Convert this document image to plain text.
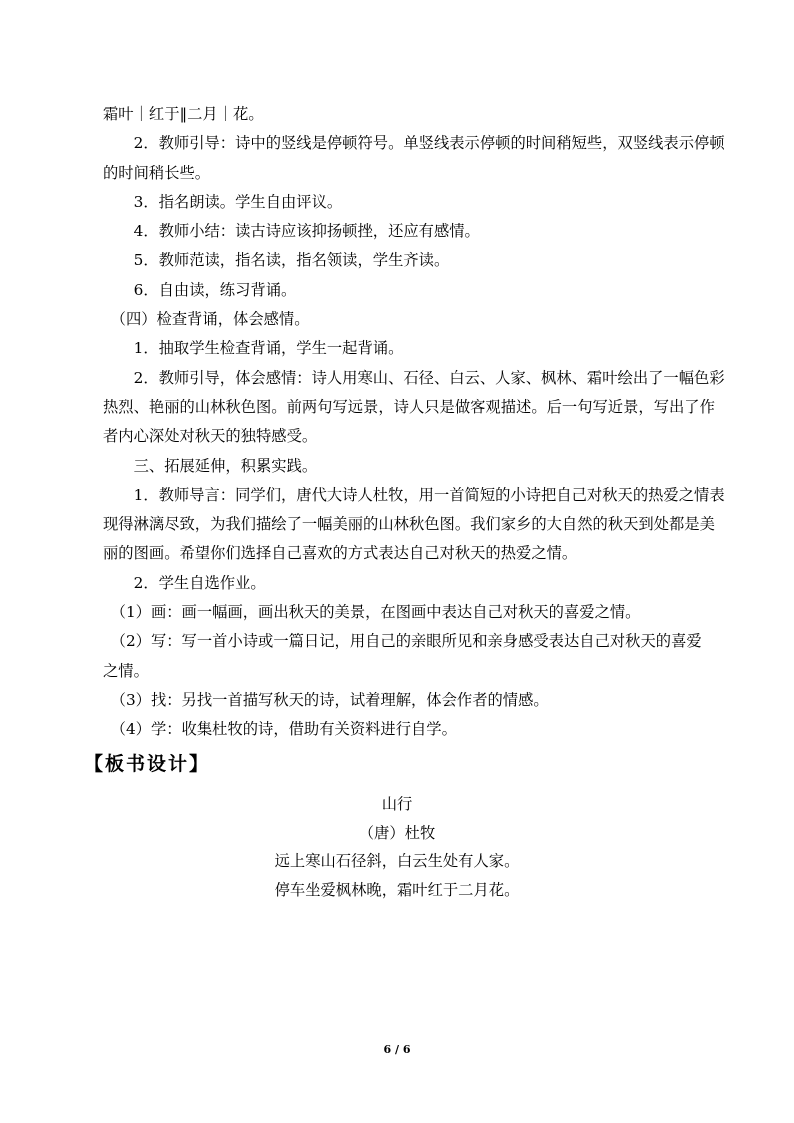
霜叶｜红于‖二月｜花。
2．教师引导：诗中的竖线是停顿符号。单竖线表示停顿的时间稍短些，双竖线表示停顿
的时间稍长些。
3．指名朗读。学生自由评议。
4．教师小结：读古诗应该抑扬顿挫，还应有感情。
5．教师范读，指名读，指名领读，学生齐读。
6．自由读，练习背诵。
（四）检查背诵，体会感情。
1．抽取学生检查背诵，学生一起背诵。
2．教师引导，体会感情：诗人用寒山、石径、白云、人家、枫林、霜叶绘出了一幅色彩
热烈、艳丽的山林秋色图。前两句写远景，诗人只是做客观描述。后一句写近景，写出了作
者内心深处对秋天的独特感受。
三、拓展延伸，积累实践。
1．教师导言：同学们，唐代大诗人杜牧，用一首简短的小诗把自己对秋天的热爱之情表
现得淋漓尽致，为我们描绘了一幅美丽的山林秋色图。我们家乡的大自然的秋天到处都是美
丽的图画。希望你们选择自己喜欢的方式表达自己对秋天的热爱之情。
2．学生自选作业。
（1）画：画一幅画，画出秋天的美景，在图画中表达自己对秋天的喜爱之情。
（2）写：写一首小诗或一篇日记，用自己的亲眼所见和亲身感受表达自己对秋天的喜爱
之情。
（3）找：另找一首描写秋天的诗，试着理解，体会作者的情感。
（4）学：收集杜牧的诗，借助有关资料进行自学。
【板书设计】
山行
（唐）杜牧
远上寒山石径斜，白云生处有人家。
停车坐爱枫林晚，霜叶红于二月花。
6 / 6
